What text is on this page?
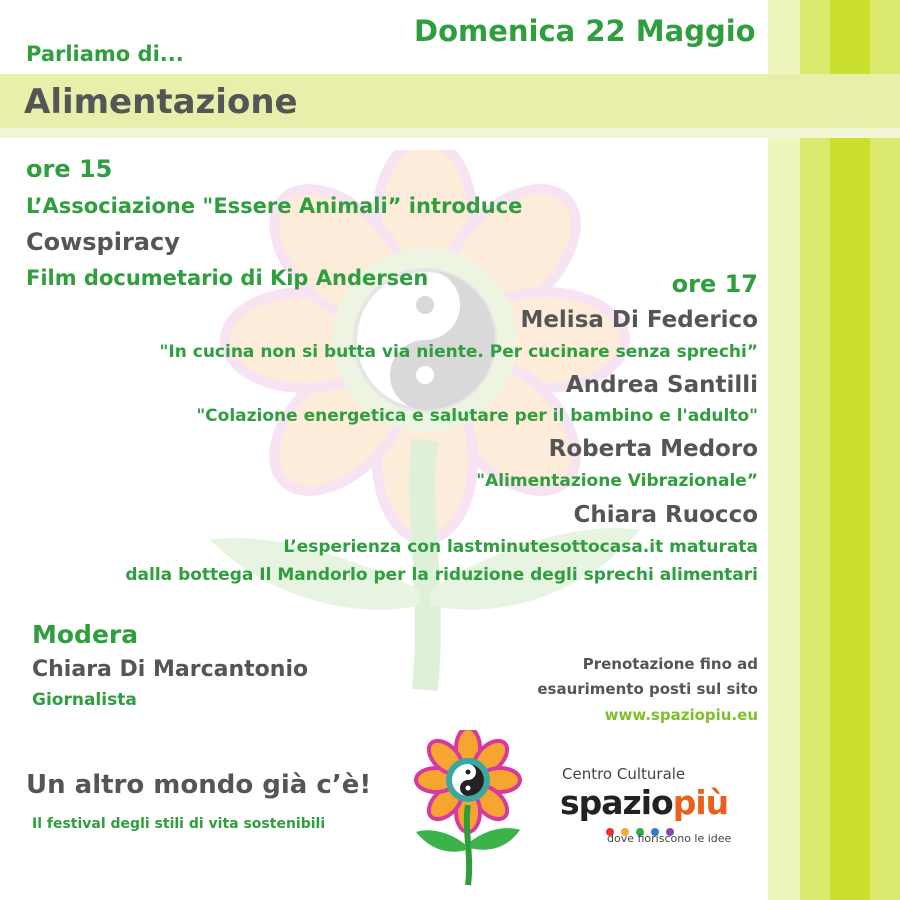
Domenica 22 Maggio
Parliamo di...
Alimentazione
ore 15
L’Associazione "Essere Animali” introduce
Cowspiracy
Film documetario di Kip Andersen	ore 17
Melisa Di Federico
"In cucina non si butta via niente. Per cucinare senza sprechi”
Andrea Santilli
"Colazione energetica e salutare per il bambino e l'adulto"
Roberta Medoro
"Alimentazione Vibrazionale”
Chiara Ruocco
L’esperienza con lastminutesottocasa.it maturata
dalla bottega Il Mandorlo per la riduzione degli sprechi alimentari
Modera
Chiara Di Marcantonio
Giornalista
Prenotazione fino ad
esaurimento posti sul sito
www.spaziopiu.eu
Un altro mondo già c’è!
Il festival degli stili di vita sostenibili
Centro Culturale
spaziopiù

dove fioriscono le idee
